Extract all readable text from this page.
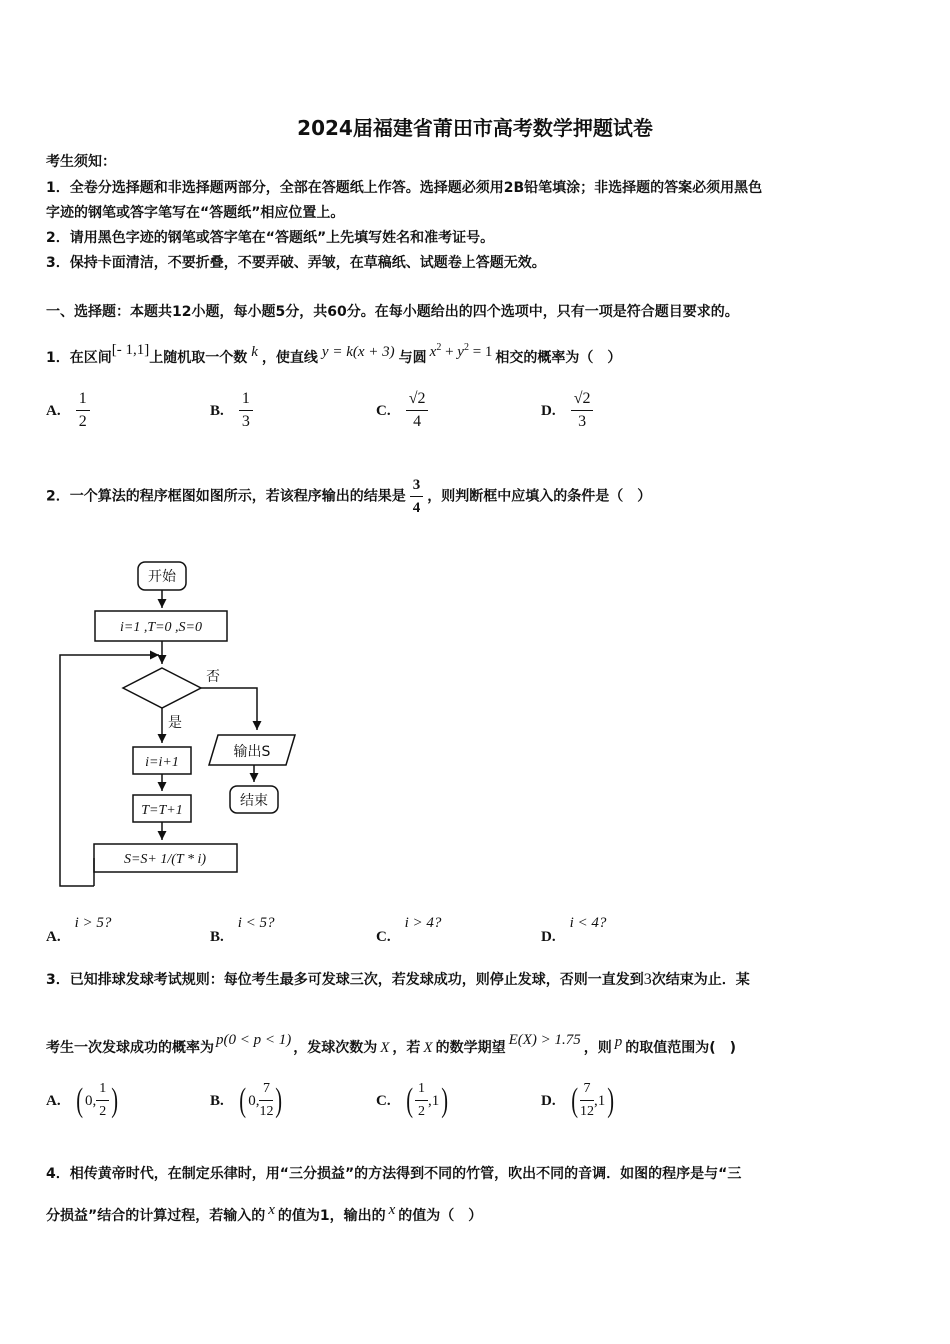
2024届福建省莆田市高考数学押题试卷
考生须知：
1．全卷分选择题和非选择题两部分，全部在答题纸上作答。选择题必须用2B铅笔填涂；非选择题的答案必须用黑色
字迹的钢笔或答字笔写在“答题纸”相应位置上。
2．请用黑色字迹的钢笔或答字笔在“答题纸”上先填写姓名和准考证号。
3．保持卡面清洁，不要折叠，不要弄破、弄皱，在草稿纸、试题卷上答题无效。
一、选择题：本题共12小题，每小题5分，共60分。在每小题给出的四个选项中，只有一项是符合题目要求的。
1．在区间[- 1,1]上随机取一个数 k ，使直线 y = k(x + 3) 与圆 $x^2 + y^2 = 1$ 相交的概率为（　）
A. $\frac{1}{2}$	B. $\frac{1}{3}$	C. $\frac{√2}{4}$	D. $\frac{√2}{3}$
2．一个算法的程序框图如图所示，若该程序输出的结果是 $\frac{3}{4}$ ，则判断框中应填入的条件是（　）
开始
i=1 ,T=0 ,S=0
否
是
输出S
结束
i=i+1
T=T+1
S=S+ 1/(T * i)
A.i > 5?
B.i < 5?
C.i > 4?
D.i < 4?
3．已知排球发球考试规则：每位考生最多可发球三次，若发球成功，则停止发球，否则一直发到3次结束为止．某
考生一次发球成功的概率为 p(0 < p < 1) ，发球次数为 X ，若 X 的数学期望 E(X) > 1.75 ，则 p 的取值范围为(　)
A. ( 0, $\frac{1}{2}$ )	B. ( 0, $\frac{7}{12}$ )	C. ( $\frac{1}{2} ,1$)	D. ( $\frac{7}{12} ,1$)
4．相传黄帝时代，在制定乐律时，用“三分损益”的方法得到不同的竹管，吹出不同的音调．如图的程序是与“三
分损益”结合的计算过程，若输入的 x 的值为1，输出的 x 的值为（　）
